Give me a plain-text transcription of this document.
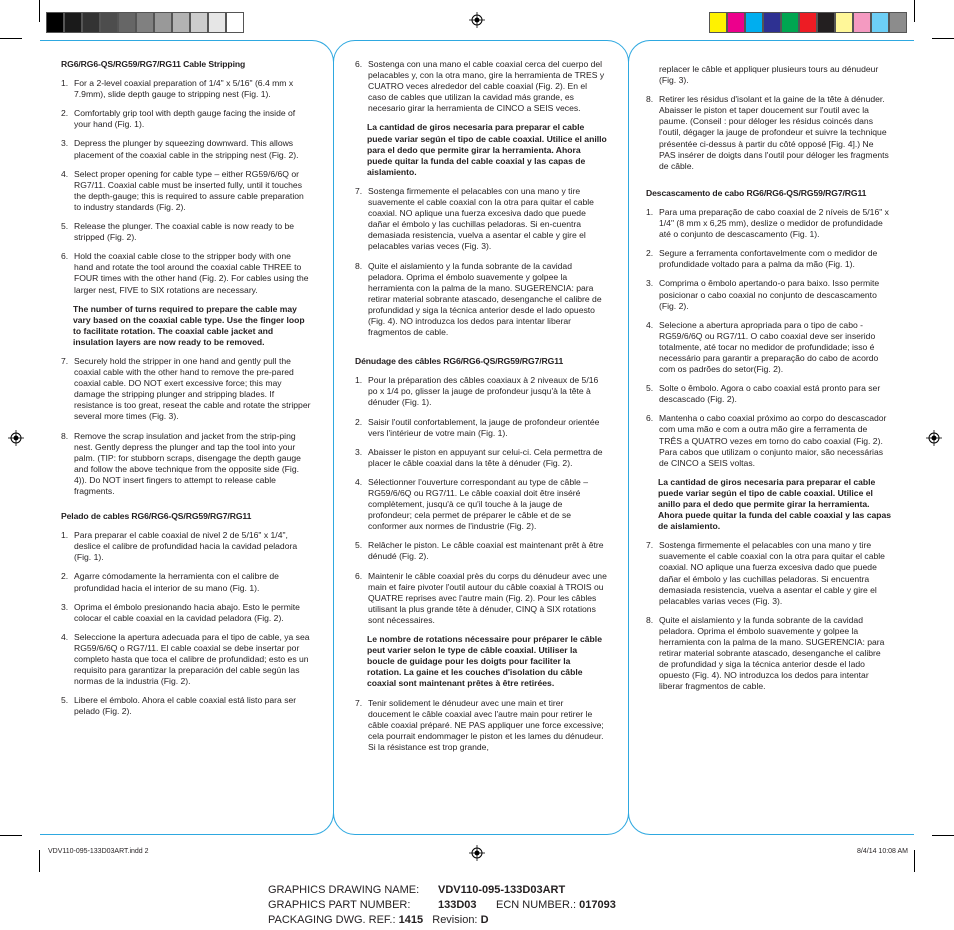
RG6/RG6-QS/RG59/RG7/RG11 Cable Stripping
1. For a 2-level coaxial preparation of 1/4" x 5/16" (6.4 mm x 7.9mm), slide depth gauge to stripping nest (Fig. 1).
2. Comfortably grip tool with depth gauge facing the inside of your hand (Fig. 1).
3. Depress the plunger by squeezing downward. This allows placement of the coaxial cable in the stripping nest (Fig. 2).
4. Select proper opening for cable type – either RG59/6/6Q or RG7/11. Coaxial cable must be inserted fully, until it touches the depth-gauge; this is required to assure cable preparation to industry standards (Fig. 2).
5. Release the plunger. The coaxial cable is now ready to be stripped (Fig. 2).
6. Hold the coaxial cable close to the stripper body with one hand and rotate the tool around the coaxial cable THREE to FOUR times with the other hand (Fig. 2). For cables using the larger nest, FIVE to SIX rotations are necessary.

The number of turns required to prepare the cable may vary based on the coaxial cable type. Use the finger loop to facilitate rotation. The coaxial cable jacket and insulation layers are now ready to be removed.

7. Securely hold the stripper in one hand and gently pull the coaxial cable with the other hand to remove the pre-pared coaxial cable. DO NOT exert excessive force; this may damage the stripping plunger and stripping blades. If resistance is too great, reseat the cable and rotate the stripper several more times (Fig. 3).
8. Remove the scrap insulation and jacket from the strip-ping nest. Gently depress the plunger and tap the tool into your palm. (TIP: for stubborn scraps, disengage the depth gauge and follow the above technique from the opposite side (Fig. 4)). Do NOT insert fingers to attempt to release cable fragments.
Pelado de cables RG6/RG6-QS/RG59/RG7/RG11
1. Para preparar el cable coaxial de nivel 2 de 5/16" x 1/4", deslice el calibre de profundidad hacia la cavidad peladora (Fig. 1).
2. Agarre cómodamente la herramienta con el calibre de profundidad hacia el interior de su mano (Fig. 1).
3. Oprima el émbolo presionando hacia abajo. Esto le permite colocar el cable coaxial en la cavidad peladora (Fig. 2).
4. Seleccione la apertura adecuada para el tipo de cable, ya sea RG59/6/6Q o RG7/11. El cable coaxial se debe insertar por completo hasta que toca el calibre de profundidad; esto es un requisito para garantizar la preparación del cable según las normas de la industria (Fig. 2).
5. Libere el émbolo. Ahora el cable coaxial está listo para ser pelado (Fig. 2).
6. Sostenga con una mano el cable coaxial cerca del cuerpo del pelacables y, con la otra mano, gire la herramienta de TRES y CUATRO veces alrededor del cable coaxial (Fig. 2). En el caso de cables que utilizan la cavidad más grande, es necesario girar la herramienta de CINCO a SEIS veces.

La cantidad de giros necesaria para preparar el cable puede variar según el tipo de cable coaxial. Utilice el anillo para el dedo que permite girar la herramienta. Ahora puede quitar la funda del cable coaxial y las capas de aislamiento.

7. Sostenga firmemente el pelacables con una mano y tire suavemente el cable coaxial con la otra para quitar el cable coaxial. NO aplique una fuerza excesiva dado que puede dañar el émbolo y las cuchillas peladoras. Si en-cuentra demasiada resistencia, vuelva a asentar el cable y gire el pelacables varias veces (Fig. 3).
8. Quite el aislamiento y la funda sobrante de la cavidad peladora. Oprima el émbolo suavemente y golpee la herramienta con la palma de la mano. SUGERENCIA: para retirar material sobrante atascado, desenganche el calibre de profundidad y siga la técnica anterior desde el lado opuesto (Fig. 4). NO introduzca los dedos para intentar liberar fragmentos de cable.
Dénudage des câbles RG6/RG6-QS/RG59/RG7/RG11
1. Pour la préparation des câbles coaxiaux à 2 niveaux de 5/16 po x 1/4 po, glisser la jauge de profondeur jusqu'à la tête à dénuder (Fig. 1).
2. Saisir l'outil confortablement, la jauge de profondeur orientée vers l'intérieur de votre main (Fig. 1).
3. Abaisser le piston en appuyant sur celui-ci. Cela permettra de placer le câble coaxial dans la tête à dénuder (Fig. 2).
4. Sélectionner l'ouverture correspondant au type de câble – RG59/6/6Q ou RG7/11. Le câble coaxial doit être inséré complètement, jusqu'à ce qu'il touche à la jauge de profondeur; cela permet de préparer le câble et de se conformer aux normes de l'industrie (Fig. 2).
5. Relâcher le piston. Le câble coaxial est maintenant prêt à être dénudé (Fig. 2).
6. Maintenir le câble coaxial près du corps du dénudeur avec une main et faire pivoter l'outil autour du câble coaxial à TROIS ou QUATRE reprises avec l'autre main (Fig. 2). Pour les câbles utilisant la plus grande tête à dénuder, CINQ à SIX rotations sont nécessaires.

Le nombre de rotations nécessaire pour préparer le câble peut varier selon le type de câble coaxial. Utiliser la boucle de guidage pour les doigts pour faciliter la rotation. La gaine et les couches d'isolation du câble coaxial sont maintenant prêtes à être retirées.

7. Tenir solidement le dénudeur avec une main et tirer doucement le câble coaxial avec l'autre main pour retirer le câble coaxial préparé. NE PAS appliquer une force excessive; cela pourrait endommager le piston et les lames du dénudeur. Si la résistance est trop grande,

replacer le câble et appliquer plusieurs tours au dénudeur (Fig. 3).

8. Retirer les résidus d'isolant et la gaine de la tête à dénuder. Abaisser le piston et taper doucement sur l'outil avec la paume. (Conseil : pour déloger les résidus coincés dans l'outil, dégager la jauge de profondeur et suivre la technique présentée ci-dessus à partir du côté opposé [Fig. 4].) Ne PAS insérer de doigts dans l'outil pour déloger les fragments de câble.
Descascamento de cabo RG6/RG6-QS/RG59/RG7/RG11
1. Para uma preparação de cabo coaxial de 2 níveis de 5/16" x 1/4" (8 mm x 6,25 mm), deslize o medidor de profundidade até o conjunto de descascamento (Fig. 1).
2. Segure a ferramenta confortavelmente com o medidor de profundidade voltado para a palma da mão (Fig. 1).
3. Comprima o êmbolo apertando-o para baixo. Isso permite posicionar o cabo coaxial no conjunto de descascamento (Fig. 2).
4. Selecione a abertura apropriada para o tipo de cabo - RG59/6/6Q ou RG7/11. O cabo coaxial deve ser inserido totalmente, até tocar no medidor de profundidade; isso é necessário para garantir a preparação do cabo de acordo com os padrões do setor(Fig. 2).
5. Solte o êmbolo. Agora o cabo coaxial está pronto para ser descascado (Fig. 2).
6. Mantenha o cabo coaxial próximo ao corpo do descascador com uma mão e com a outra mão gire a ferramenta de TRÊS a QUATRO vezes em torno do cabo coaxial (Fig. 2). Para cabos que utilizam o conjunto maior, são necessárias de CINCO a SEIS voltas.

La cantidad de giros necesaria para preparar el cable puede variar según el tipo de cable coaxial. Utilice el anillo para el dedo que permite girar la herramienta. Ahora puede quitar la funda del cable coaxial y las capas de aislamiento.

7. Sostenga firmemente el pelacables con una mano y tire suavemente el cable coaxial con la otra para quitar el cable coaxial. NO aplique una fuerza excesiva dado que puede dañar el émbolo y las cuchillas peladoras. Si encuentra demasiada resistencia, vuelva a asentar el cable y gire el pelacables varias veces (Fig. 3).
8. Quite el aislamiento y la funda sobrante de la cavidad peladora. Oprima el émbolo suavemente y golpee la herramienta con la palma de la mano. SUGERENCIA: para retirar material sobrante atascado, desenganche el calibre de profundidad y siga la técnica anterior desde el lado opuesto (Fig. 4). NO introduzca los dedos para intentar liberar fragmentos de cable.
VDV110-095-133D03ART.indd 2	8/4/14 10:08 AM
GRAPHICS DRAWING NAME: VDV110-095-133D03ART
GRAPHICS PART NUMBER:	133D03 ECN NUMBER.: 017093
PACKAGING DWG. REF.: 1415 Revision: D
